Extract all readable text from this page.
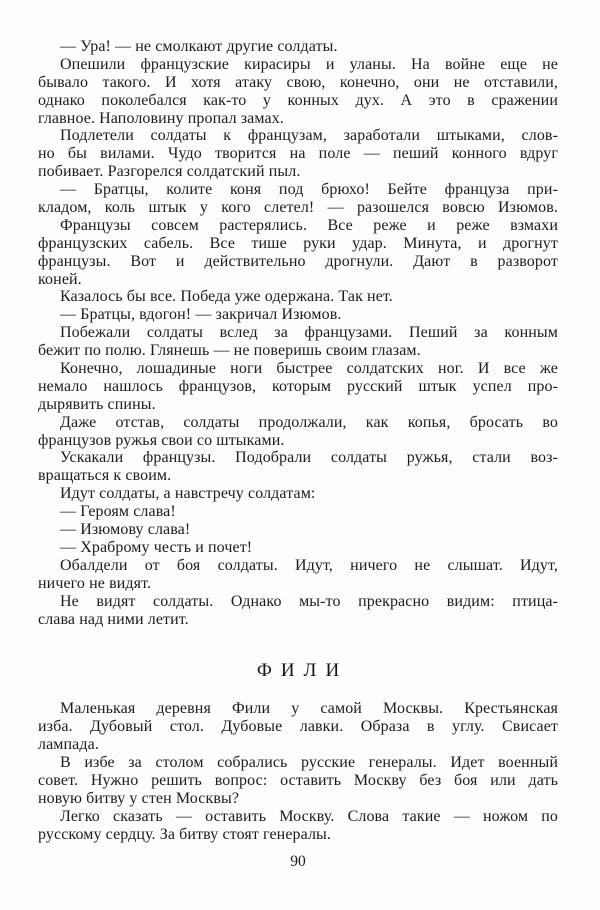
— Ура! — не смолкают другие солдаты.
Опешили французские кирасиры и уланы. На войне еще не
бывало такого. И хотя атаку свою, конечно, они не отставили,
однако поколебался как-то у конных дух. А это в сражении
главное. Наполовину пропал замах.
Подлетели солдаты к французам, заработали штыками, слов-
но бы вилами. Чудо творится на поле — пеший конного вдруг
побивает. Разгорелся солдатский пыл.
— Братцы, колите коня под брюхо! Бейте француза при-
кладом, коль штык у кого слетел! — разошелся вовсю Изюмов.
Французы совсем растерялись. Все реже и реже взмахи
французских сабель. Все тише руки удар. Минута, и дрогнут
французы. Вот и действительно дрогнули. Дают в разворот
коней.
Казалось бы все. Победа уже одержана. Так нет.
— Братцы, вдогон! — закричал Изюмов.
Побежали солдаты вслед за французами. Пеший за конным
бежит по полю. Глянешь — не поверишь своим глазам.
Конечно, лошадиные ноги быстрее солдатских ног. И все же
немало нашлось французов, которым русский штык успел про-
дырявить спины.
Даже отстав, солдаты продолжали, как копья, бросать во
французов ружья свои со штыками.
Ускакали французы. Подобрали солдаты ружья, стали воз-
вращаться к своим.
Идут солдаты, а навстречу солдатам:
— Героям слава!
— Изюмову слава!
— Храброму честь и почет!
Обалдели от боя солдаты. Идут, ничего не слышат. Идут,
ничего не видят.
Не видят солдаты. Однако мы-то прекрасно видим: птица-
слава над ними летит.
ФИЛИ
Маленькая деревня Фили у самой Москвы. Крестьянская
изба. Дубовый стол. Дубовые лавки. Образа в углу. Свисает
лампада.
В избе за столом собрались русские генералы. Идет военный
совет. Нужно решить вопрос: оставить Москву без боя или дать
новую битву у стен Москвы?
Легко сказать — оставить Москву. Слова такие — ножом по
русскому сердцу. За битву стоят генералы.
90
